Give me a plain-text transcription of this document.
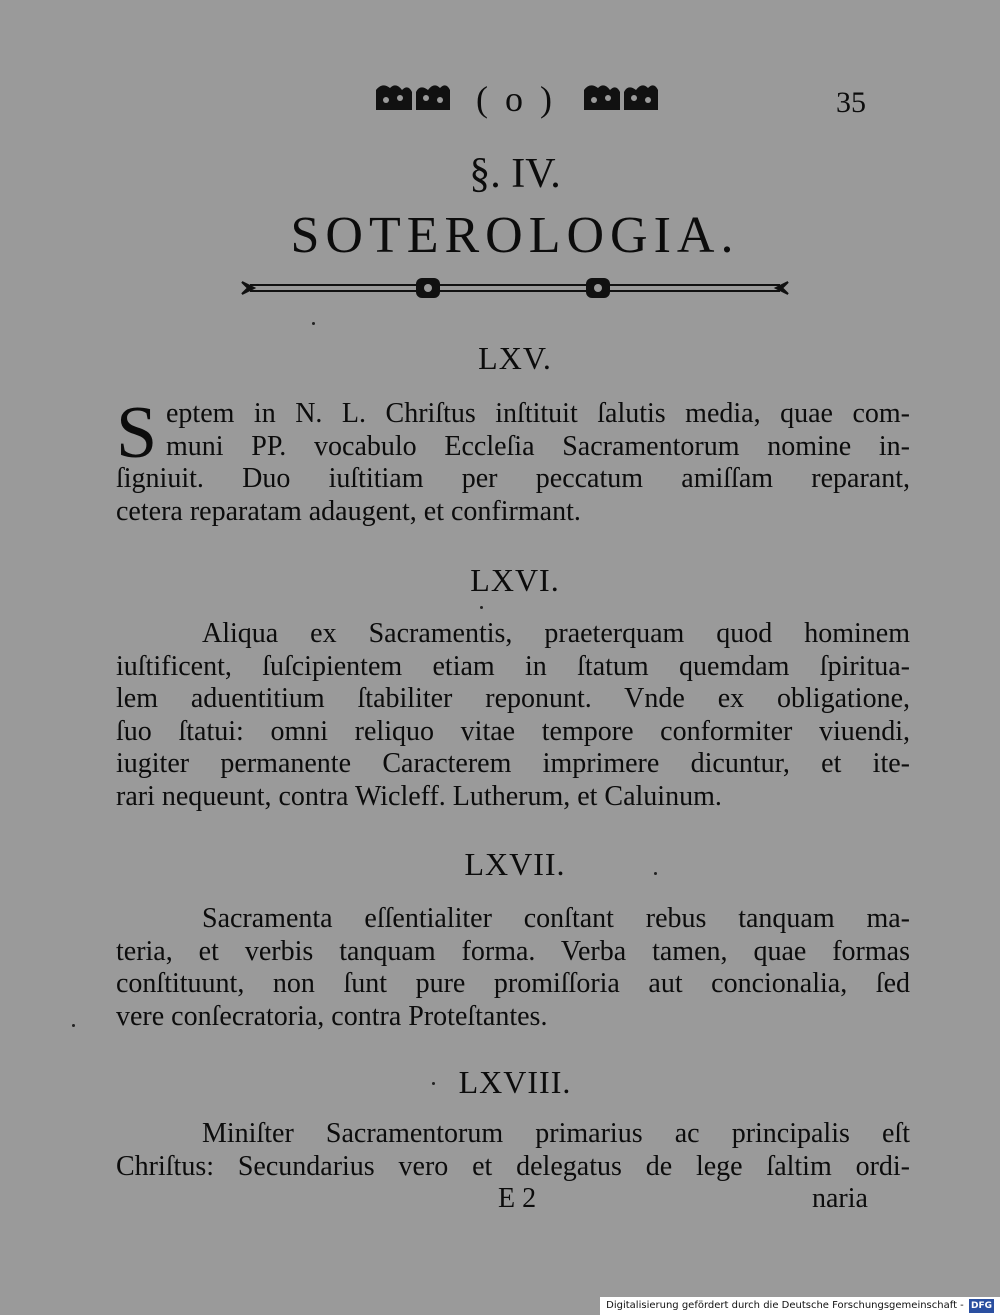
( o )	35
§. IV.
SOTEROLOGIA.
LXV.
S eptem in N. L. Chriſtus inſtituit ſalutis media, quae com-
muni PP. vocabulo Eccleſia Sacramentorum nomine in-
ſigniuit. Duo iuſtitiam per peccatum amiſſam reparant,
cetera reparatam adaugent, et confirmant.
LXVI.
Aliqua ex Sacramentis, praeterquam quod hominem
iuſtificent, ſuſcipientem etiam in ſtatum quemdam ſpiritua-
lem aduentitium ſtabiliter reponunt. Vnde ex obligatione,
ſuo ſtatui: omni reliquo vitae tempore conformiter viuendi,
iugiter permanente Caracterem imprimere dicuntur, et ite-
rari nequeunt, contra Wicleff. Lutherum, et Caluinum.
LXVII.
Sacramenta eſſentialiter conſtant rebus tanquam ma-
teria, et verbis tanquam forma. Verba tamen, quae formas
conſtituunt, non ſunt pure promiſſoria aut concionalia, ſed
vere conſecratoria, contra Proteſtantes.
LXVIII.
Miniſter Sacramentorum primarius ac principalis eſt
Chriſtus: Secundarius vero et delegatus de lege ſaltim ordi-
E 2	naria
Digitalisierung gefördert durch die Deutsche Forschungsgemeinschaft - DFG
